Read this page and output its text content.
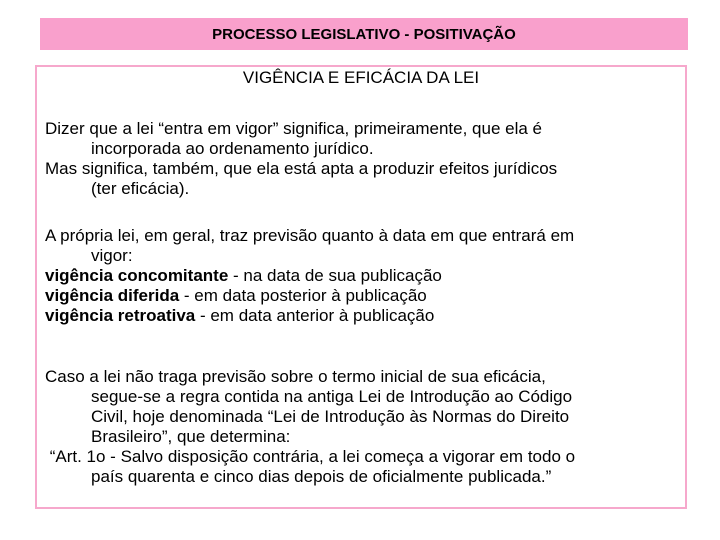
PROCESSO LEGISLATIVO - POSITIVAÇÃO
VIGÊNCIA E EFICÁCIA DA LEI
Dizer que a lei “entra em vigor” significa, primeiramente, que ela é
incorporada ao ordenamento jurídico.
Mas significa, também, que ela está apta a produzir efeitos jurídicos
(ter eficácia).
A própria lei, em geral, traz previsão quanto à data em que entrará em
vigor:
vigência concomitante - na data de sua publicação
vigência diferida - em data posterior à publicação
vigência retroativa - em data anterior à publicação
Caso a lei não traga previsão sobre o termo inicial de sua eficácia,
segue-se a regra contida na antiga Lei de Introdução ao Código
Civil, hoje denominada “Lei de Introdução às Normas do Direito
Brasileiro”, que determina:
“Art. 1o - Salvo disposição contrária, a lei começa a vigorar em todo o
país quarenta e cinco dias depois de oficialmente publicada.”
